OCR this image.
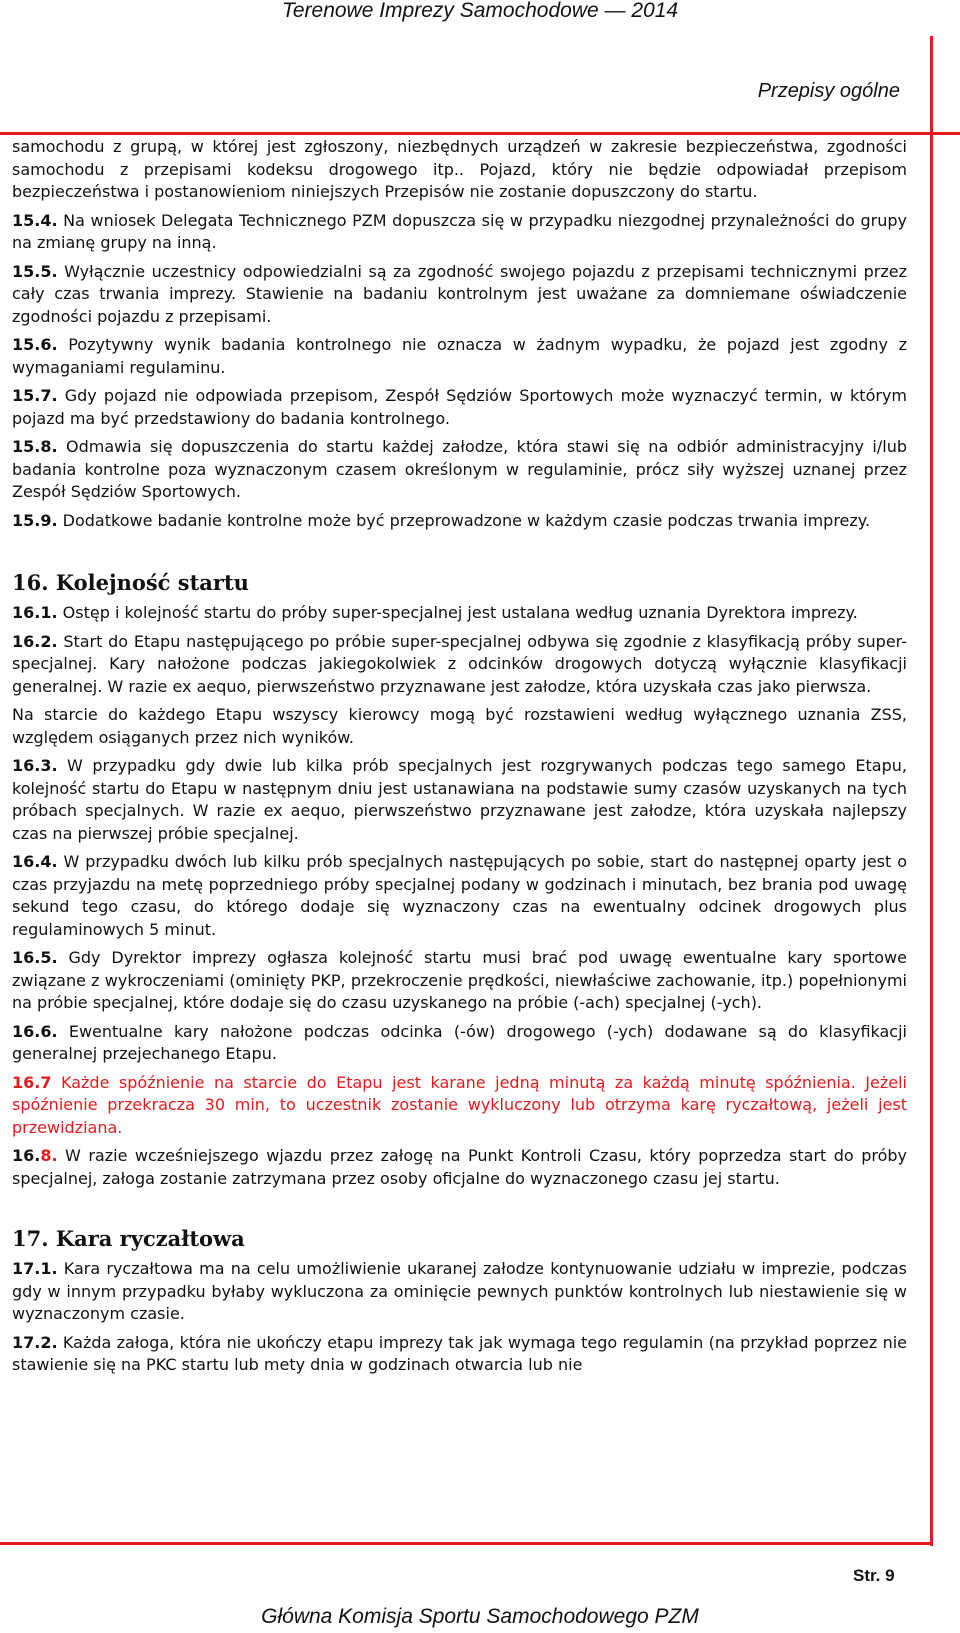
Terenowe Imprezy Samochodowe — 2014
Przepisy ogólne

samochodu z grupą, w której jest zgłoszony, niezbędnych urządzeń w zakresie bezpieczeństwa, zgodności samochodu z przepisami kodeksu drogowego itp.. Pojazd, który nie będzie odpowiadał przepisom bezpieczeństwa i postanowieniom niniejszych Przepisów nie zostanie dopuszczony do startu.

15.4. Na wniosek Delegata Technicznego PZM dopuszcza się w przypadku niezgodnej przynależności do grupy na zmianę grupy na inną.

15.5. Wyłącznie uczestnicy odpowiedzialni są za zgodność swojego pojazdu z przepisami technicznymi przez cały czas trwania imprezy. Stawienie na badaniu kontrolnym jest uważane za domniemane oświadczenie zgodności pojazdu z przepisami.

15.6. Pozytywny wynik badania kontrolnego nie oznacza w żadnym wypadku, że pojazd jest zgodny z wymaganiami regulaminu.

15.7. Gdy pojazd nie odpowiada przepisom, Zespół Sędziów Sportowych może wyznaczyć termin, w którym pojazd ma być przedstawiony do badania kontrolnego.

15.8. Odmawia się dopuszczenia do startu każdej załodze, która stawi się na odbiór administracyjny i/lub badania kontrolne poza wyznaczonym czasem określonym w regulaminie, prócz siły wyższej uznanej przez Zespół Sędziów Sportowych.

15.9. Dodatkowe badanie kontrolne może być przeprowadzone w każdym czasie podczas trwania imprezy.

16. Kolejność startu

16.1. Ostęp i kolejność startu do próby super-specjalnej jest ustalana według uznania Dyrektora imprezy.

16.2. Start do Etapu następującego po próbie super-specjalnej odbywa się zgodnie z klasyfikacją próby super-specjalnej. Kary nałożone podczas jakiegokolwiek z odcinków drogowych dotyczą wyłącznie klasyfikacji generalnej. W razie ex aequo, pierwszeństwo przyznawane jest załodze, która uzyskała czas jako pierwsza.

Na starcie do każdego Etapu wszyscy kierowcy mogą być rozstawieni według wyłącznego uznania ZSS, względem osiąganych przez nich wyników.

16.3. W przypadku gdy dwie lub kilka prób specjalnych jest rozgrywanych podczas tego samego Etapu, kolejność startu do Etapu w następnym dniu jest ustanawiana na podstawie sumy czasów uzyskanych na tych próbach specjalnych. W razie ex aequo, pierwszeństwo przyznawane jest załodze, która uzyskała najlepszy czas na pierwszej próbie specjalnej.

16.4. W przypadku dwóch lub kilku prób specjalnych następujących po sobie, start do następnej oparty jest o czas przyjazdu na metę poprzedniego próby specjalnej podany w godzinach i minutach, bez brania pod uwagę sekund tego czasu, do którego dodaje się wyznaczony czas na ewentualny odcinek drogowych plus regulaminowych 5 minut.

16.5. Gdy Dyrektor imprezy ogłasza kolejność startu musi brać pod uwagę ewentualne kary sportowe związane z wykroczeniami (ominięty PKP, przekroczenie prędkości, niewłaściwe zachowanie, itp.) popełnionymi na próbie specjalnej, które dodaje się do czasu uzyskanego na próbie (-ach) specjalnej (-ych).

16.6. Ewentualne kary nałożone podczas odcinka (-ów) drogowego (-ych) dodawane są do klasyfikacji generalnej przejechanego Etapu.

16.7 Każde spóźnienie na starcie do Etapu jest karane jedną minutą za każdą minutę spóźnienia. Jeżeli spóźnienie przekracza 30 min, to uczestnik zostanie wykluczony lub otrzyma karę ryczałtową, jeżeli jest przewidziana.

16.8. W razie wcześniejszego wjazdu przez załogę na Punkt Kontroli Czasu, który poprzedza start do próby specjalnej, załoga zostanie zatrzymana przez osoby oficjalne do wyznaczonego czasu jej startu.

17. Kara ryczałtowa

17.1. Kara ryczałtowa ma na celu umożliwienie ukaranej załodze kontynuowanie udziału w imprezie, podczas gdy w innym przypadku byłaby wykluczona za ominięcie pewnych punktów kontrolnych lub niestawienie się w wyznaczonym czasie.

17.2. Każda załoga, która nie ukończy etapu imprezy tak jak wymaga tego regulamin (na przykład poprzez nie stawienie się na PKC startu lub mety dnia w godzinach otwarcia lub nie

Str. 9
Główna Komisja Sportu Samochodowego PZM
